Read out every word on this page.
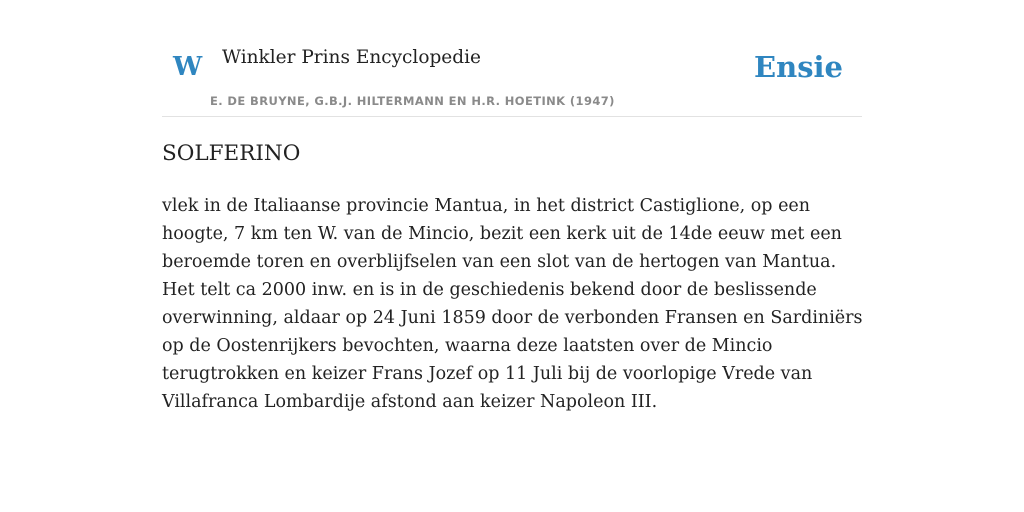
W Winkler Prins Encyclopedie
E. DE BRUYNE, G.B.J. HILTERMANN EN H.R. HOETINK (1947)
Ensie
SOLFERINO

vlek in de Italiaanse provincie Mantua, in het district Castiglione, op een hoogte, 7 km ten W. van de Mincio, bezit een kerk uit de 14de eeuw met een beroemde toren en overblijfselen van een slot van de hertogen van Mantua. Het telt ca 2000 inw. en is in de geschiedenis bekend door de beslissende overwinning, aldaar op 24 Juni 1859 door de verbonden Fransen en Sardiniërs op de Oostenrijkers bevochten, waarna deze laatsten over de Mincio terugtrokken en keizer Frans Jozef op 11 Juli bij de voorlopige Vrede van Villafranca Lombardije afstond aan keizer Napoleon III.
